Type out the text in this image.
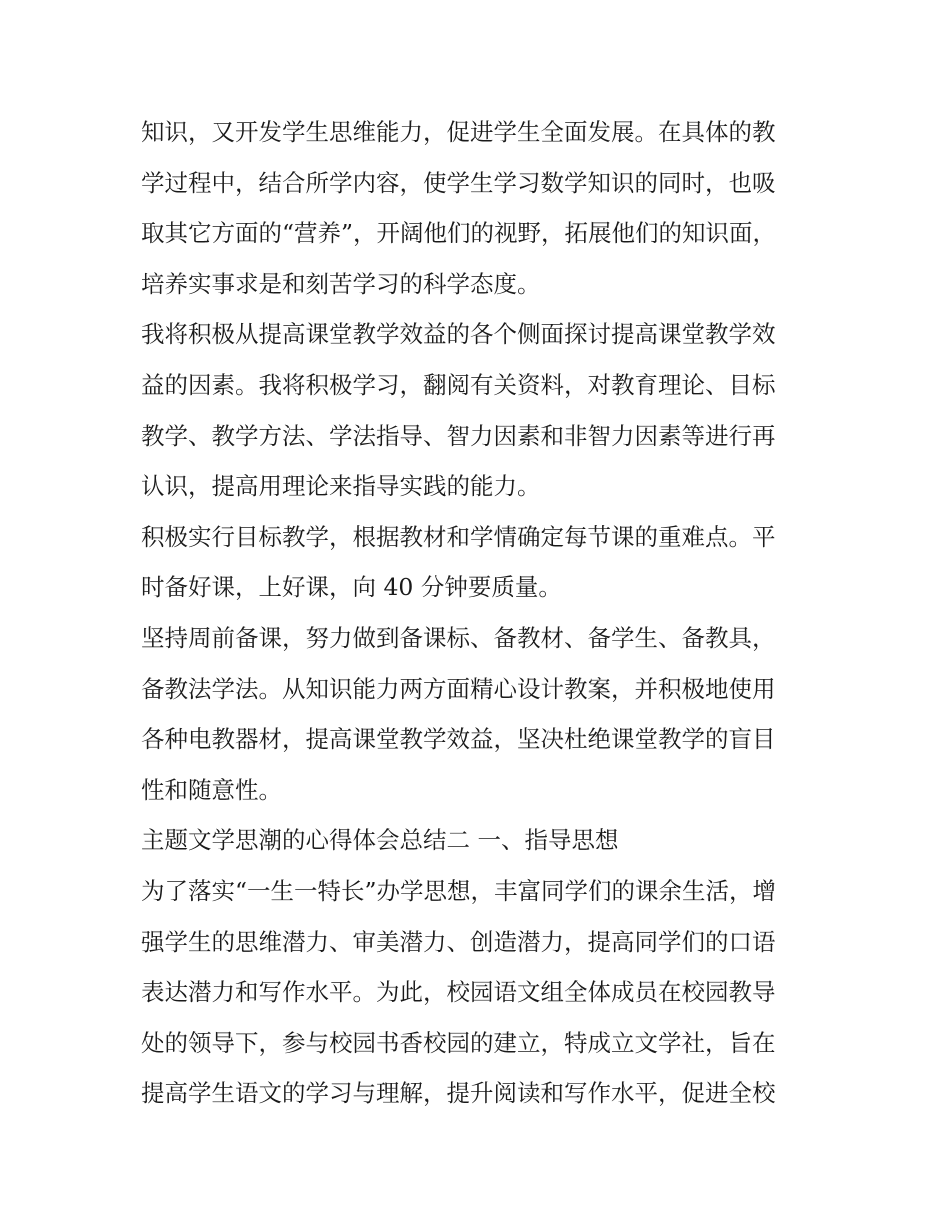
知识，又开发学生思维能力，促进学生全面发展。在具体的教
学过程中，结合所学内容，使学生学习数学知识的同时，也吸
取其它方面的“营养”，开阔他们的视野，拓展他们的知识面，
培养实事求是和刻苦学习的科学态度。
我将积极从提高课堂教学效益的各个侧面探讨提高课堂教学效
益的因素。我将积极学习，翻阅有关资料，对教育理论、目标
教学、教学方法、学法指导、智力因素和非智力因素等进行再
认识，提高用理论来指导实践的能力。
积极实行目标教学，根据教材和学情确定每节课的重难点。平
时备好课，上好课，向 40 分钟要质量。
坚持周前备课，努力做到备课标、备教材、备学生、备教具，
备教法学法。从知识能力两方面精心设计教案，并积极地使用
各种电教器材，提高课堂教学效益，坚决杜绝课堂教学的盲目
性和随意性。
主题文学思潮的心得体会总结二 一、指导思想
为了落实“一生一特长”办学思想，丰富同学们的课余生活，增
强学生的思维潜力、审美潜力、创造潜力，提高同学们的口语
表达潜力和写作水平。为此，校园语文组全体成员在校园教导
处的领导下，参与校园书香校园的建立，特成立文学社，旨在
提高学生语文的学习与理解，提升阅读和写作水平，促进全校
